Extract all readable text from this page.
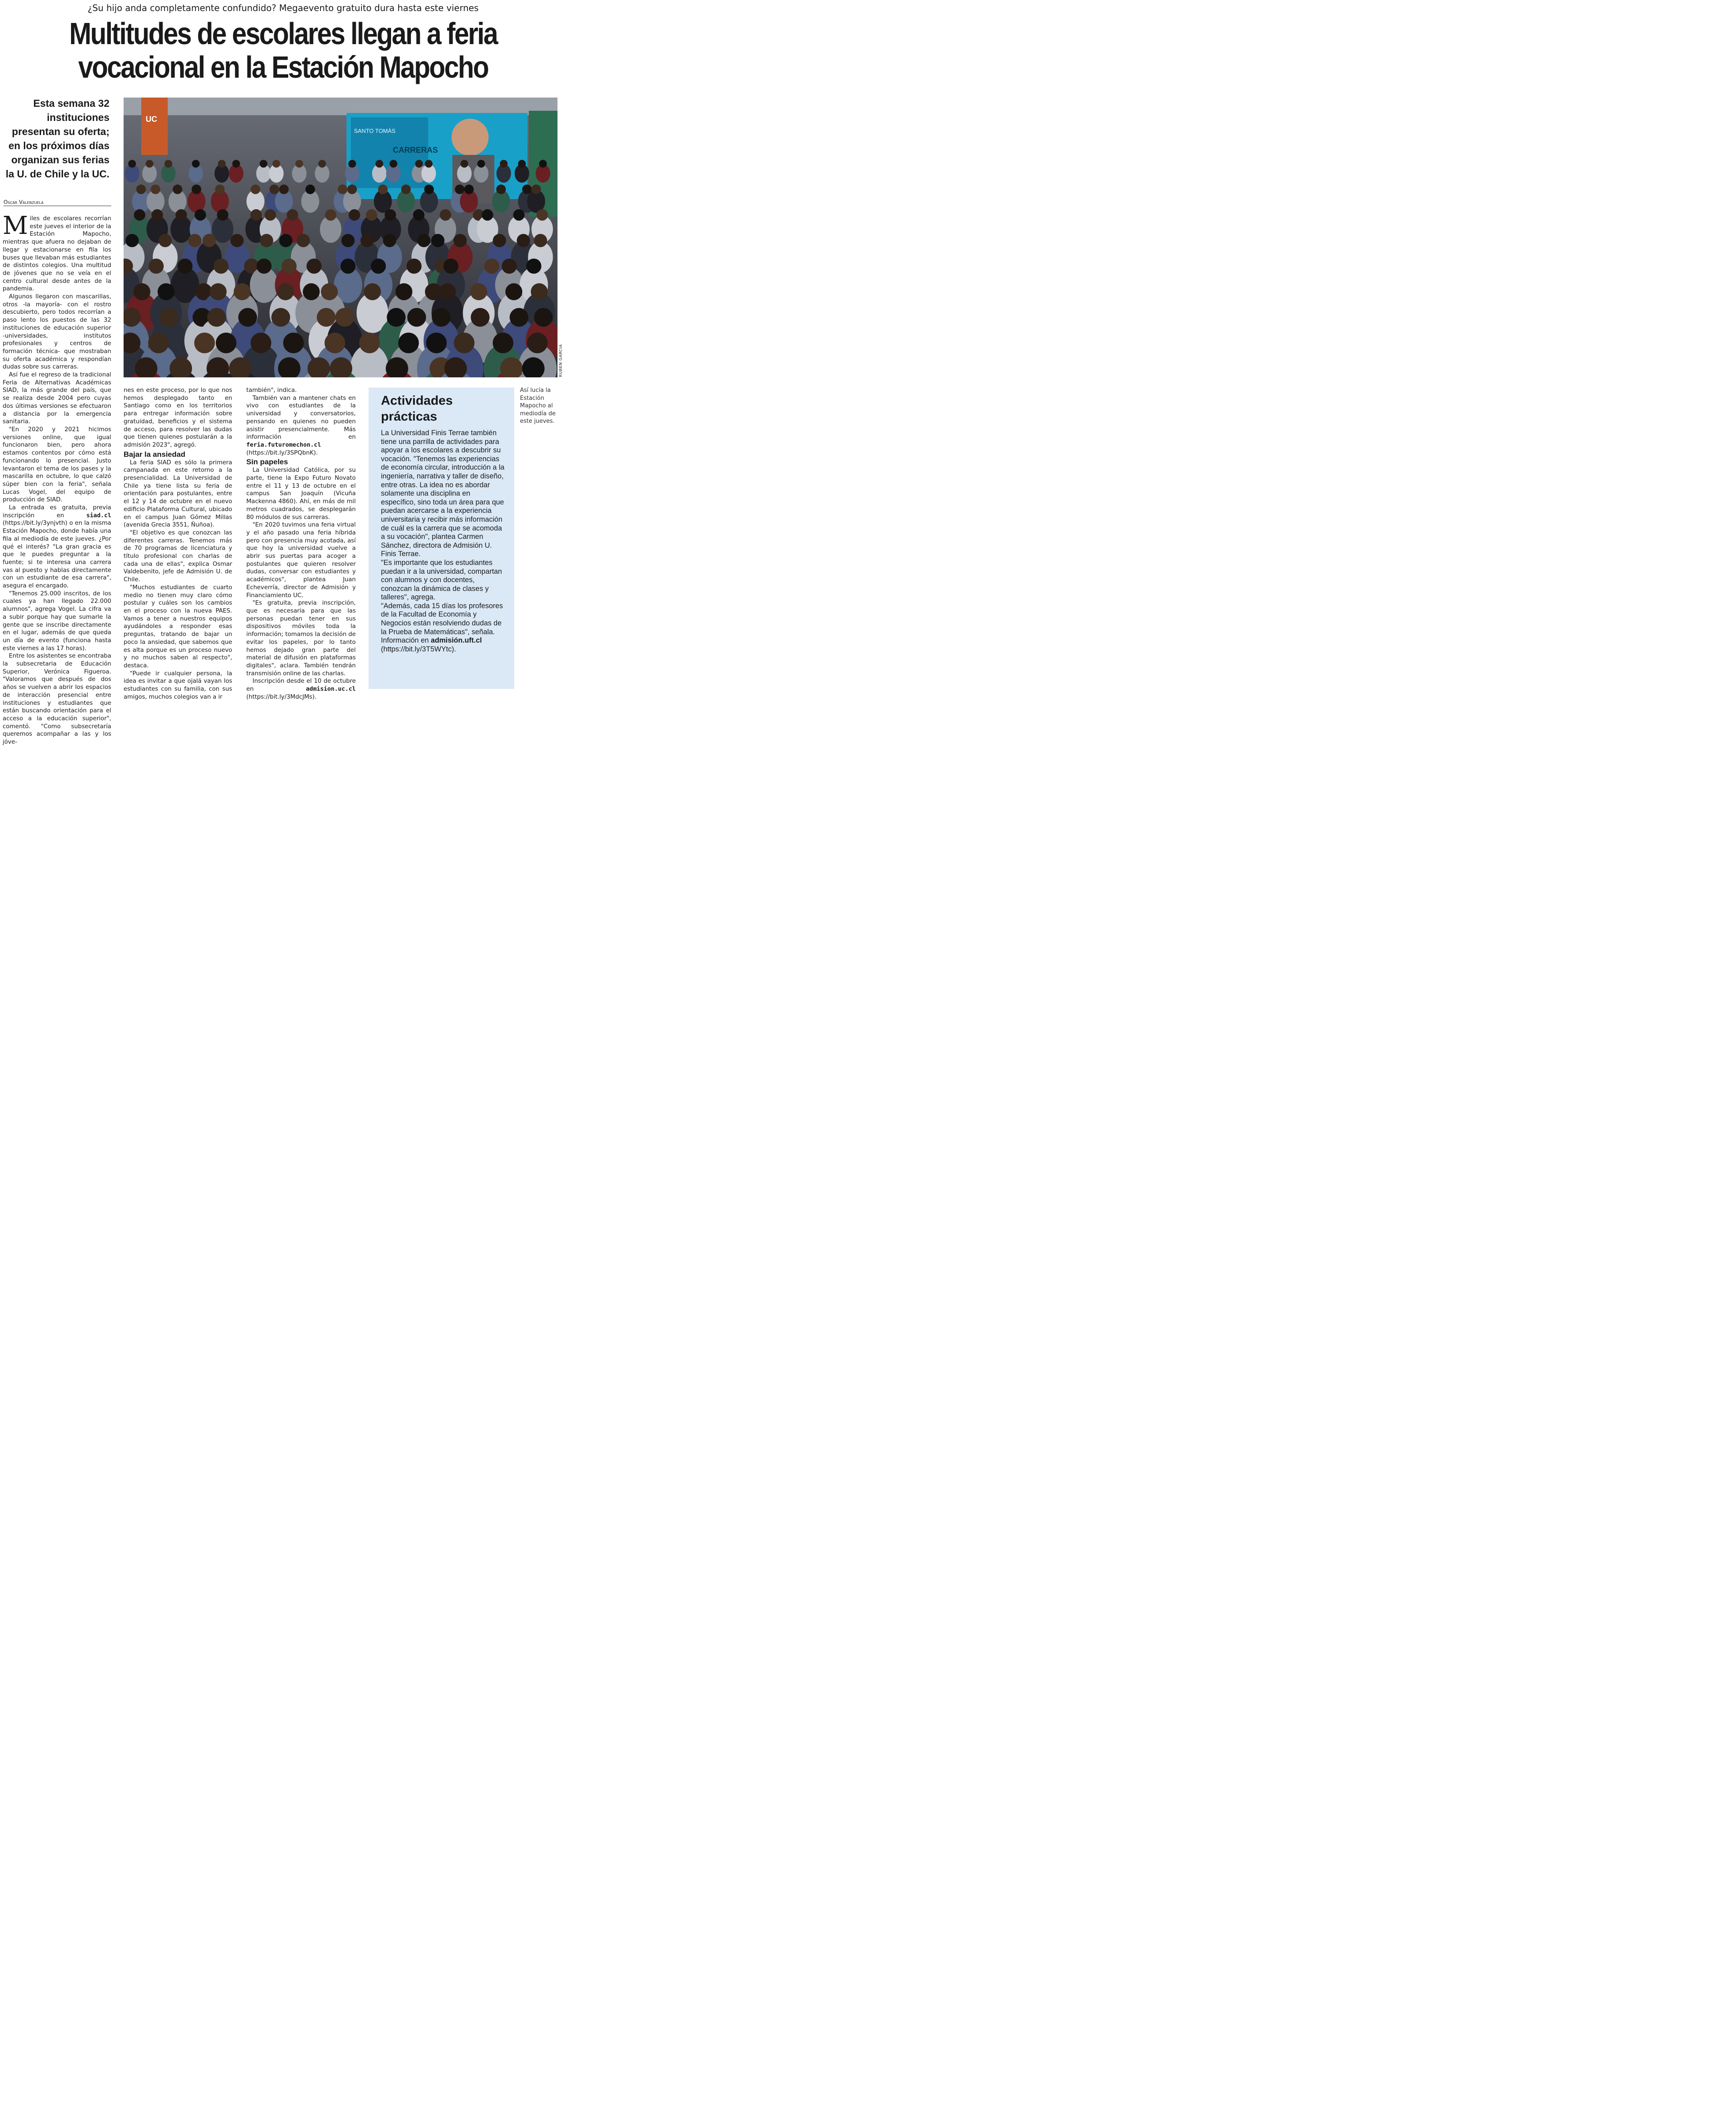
¿Su hijo anda completamente confundido? Megaevento gratuito dura hasta este viernes
Multitudes de escolares llegan a feria
vocacional en la Estación Mapocho
Esta semana 32 instituciones presentan su oferta; en los próximos días organizan sus ferias la U. de Chile y la UC.
Oscar Valenzuela

Miles de escolares recorrían este jueves el interior de la Estación Mapocho, mientras que afuera no dejaban de llegar y estacionarse en fila los buses que llevaban más estudiantes de distintos colegios. Una multitud de jóvenes que no se veía en el centro cultural desde antes de la pandemia.

Algunos llegaron con mascarillas, otros -la mayoría- con el rostro descubierto, pero todos recorrían a paso lento los puestos de las 32 instituciones de educación superior -universidades, institutos profesionales y centros de formación técnica- que mostraban su oferta académica y respondían dudas sobre sus carreras.

Así fue el regreso de la tradicional Feria de Alternativas Académicas SIAD, la más grande del país, que se realiza desde 2004 pero cuyas dos últimas versiones se efectuaron a distancia por la emergencia sanitaria.

"En 2020 y 2021 hicimos versiones online, que igual funcionaron bien, pero ahora estamos contentos por cómo está funcionando lo presencial. Justo levantaron el tema de los pases y la mascarilla en octubre, lo que calzó súper bien con la feria", señala Lucas Vogel, del equipo de producción de SIAD.

La entrada es gratuita, previa inscripción en siad.cl (https://bit.ly/3ynjvth) o en la misma Estación Mapocho, donde había una fila al mediodía de este jueves. ¿Por qué el interés? "La gran gracia es que le puedes preguntar a la fuente; si te interesa una carrera vas al puesto y hablas directamente con un estudiante de esa carrera", asegura el encargado.

"Tenemos 25.000 inscritos, de los cuales ya han llegado 22.000 alumnos", agrega Vogel. La cifra va a subir porque hay que sumarle la gente que se inscribe directamente en el lugar, además de que queda un día de evento (funciona hasta este viernes a las 17 horas).

Entre los asistentes se encontraba la subsecretaria de Educación Superior, Verónica Figueroa. "Valoramos que después de dos años se vuelven a abrir los espacios de interacción presencial entre instituciones y estudiantes que están buscando orientación para el acceso a la educación superior", comentó. "Como subsecretaría queremos acompañar a las y los jóve-

UC
SANTO TOMÁS
CARRERAS
RUBEN GARCIA
Así lucía la Estación Mapocho al mediodía de este jueves.

nes en este proceso, por lo que nos hemos desplegado tanto en Santiago como en los territorios para entregar información sobre gratuidad, beneficios y el sistema de acceso, para resolver las dudas que tienen quienes postularán a la admisión 2023", agregó.

Bajar la ansiedad

La feria SIAD es sólo la primera campanada en este retorno a la presencialidad. La Universidad de Chile ya tiene lista su feria de orientación para postulantes, entre el 12 y 14 de octubre en el nuevo edificio Plataforma Cultural, ubicado en el campus Juan Gómez Millas (avenida Grecia 3551, Ñuñoa).

"El objetivo es que conozcan las diferentes carreras. Tenemos más de 70 programas de licenciatura y título profesional con charlas de cada una de ellas", explica Osmar Valdebenito, jefe de Admisión U. de Chile.

"Muchos estudiantes de cuarto medio no tienen muy claro cómo postular y cuáles son los cambios en el proceso con la nueva PAES. Vamos a tener a nuestros equipos ayudándoles a responder esas preguntas, tratando de bajar un poco la ansiedad, que sabemos que es alta porque es un proceso nuevo y no muchos saben al respecto", destaca.

"Puede ir cualquier persona, la idea es invitar a que ojalá vayan los estudiantes con su familia, con sus amigos, muchos colegios van a ir

también", indica.

También van a mantener chats en vivo con estudiantes de la universidad y conversatorios, pensando en quienes no pueden asistir presencialmente. Más información en feria.futuromechon.cl (https://bit.ly/3SPQbnK).

Sin papeles

La Universidad Católica, por su parte, tiene la Expo Futuro Novato entre el 11 y 13 de octubre en el campus San Joaquín (Vicuña Mackenna 4860). Ahí, en más de mil metros cuadrados, se desplegarán 80 módulos de sus carreras.

"En 2020 tuvimos una feria virtual y el año pasado una feria híbrida pero con presencia muy acotada, así que hoy la universidad vuelve a abrir sus puertas para acoger a postulantes que quieren resolver dudas, conversar con estudiantes y académicos", plantea Juan Echeverría, director de Admisión y Financiamiento UC.

"Es gratuita, previa inscripción, que es necesaria para que las personas puedan tener en sus dispositivos móviles toda la información; tomamos la decisión de evitar los papeles, por lo tanto hemos dejado gran parte del material de difusión en plataformas digitales", aclara. También tendrán transmisión online de las charlas.

Inscripción desde el 10 de octubre en admision.uc.cl (https://bit.ly/3MdcJMs).

Actividades prácticas

La Universidad Finis Terrae también tiene una parrilla de actividades para apoyar a los escolares a descubrir su vocación. "Tenemos las experiencias de economía circular, introducción a la ingeniería, narrativa y taller de diseño, entre otras. La idea no es abordar solamente una disciplina en específico, sino toda un área para que puedan acercarse a la experiencia universitaria y recibir más información de cuál es la carrera que se acomoda a su vocación", plantea Carmen Sánchez, directora de Admisión U. Finis Terrae.

"Es importante que los estudiantes puedan ir a la universidad, compartan con alumnos y con docentes, conozcan la dinámica de clases y talleres", agrega.

"Además, cada 15 días los profesores de la Facultad de Economía y Negocios están resolviendo dudas de la Prueba de Matemáticas", señala.

Información en admisión.uft.cl
(https://bit.ly/3T5WYtc).
